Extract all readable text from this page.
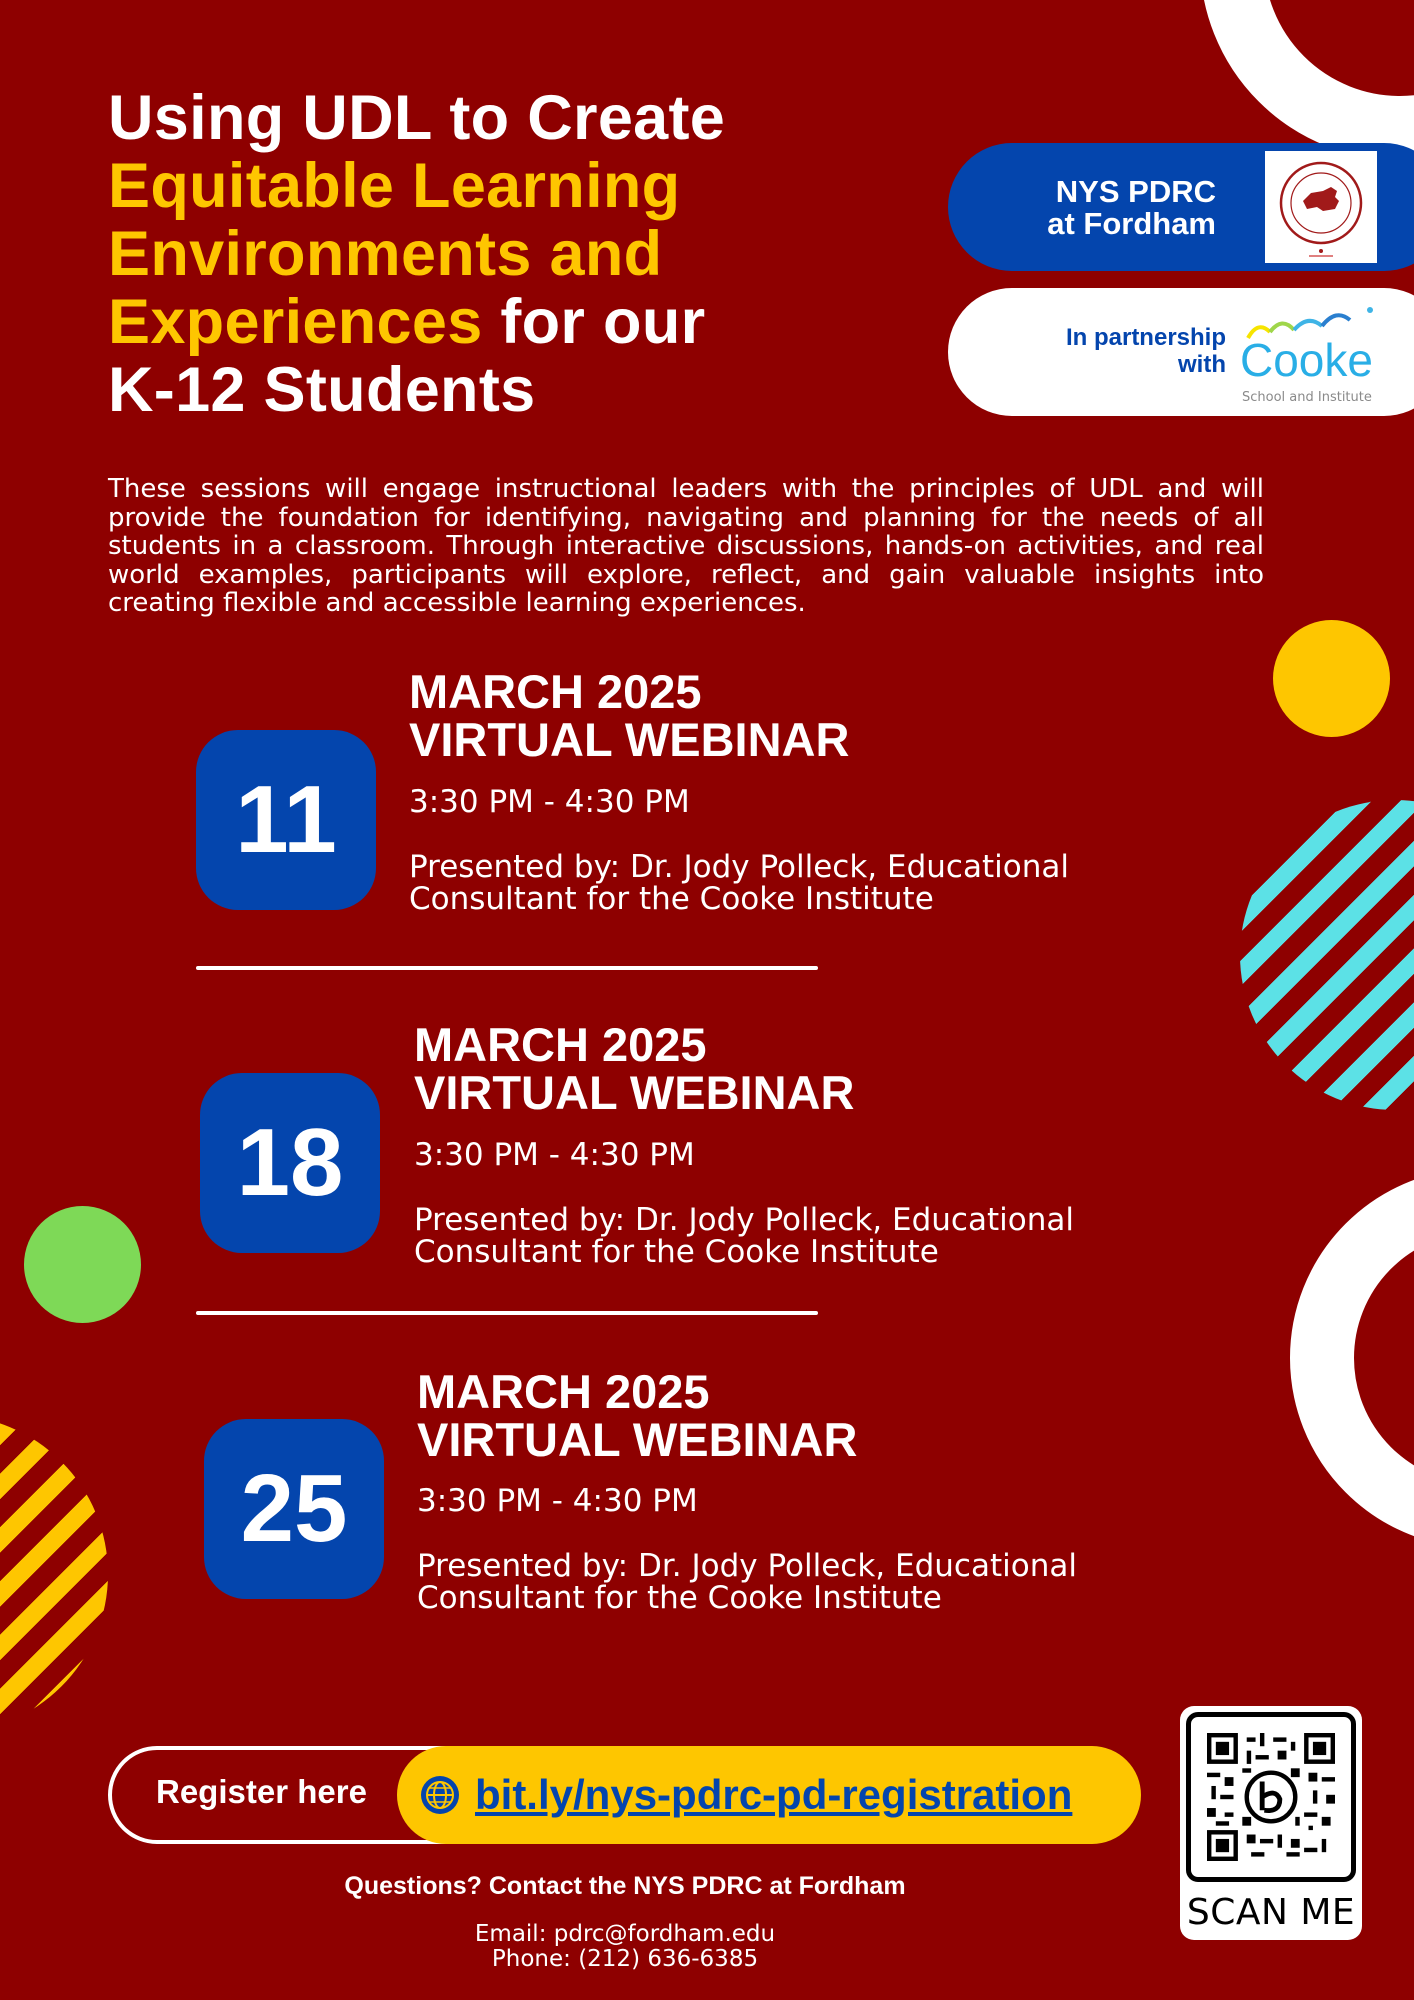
Using UDL to Create
Equitable Learning
Environments and
Experiences for our
K-12 Students
NYS PDRC
at Fordham
In partnership
with Cooke
School and Institute
These sessions will engage instructional leaders with the principles of UDL and will provide the foundation for identifying, navigating and planning for the needs of all students in a classroom. Through interactive discussions, hands-on activities, and real world examples, participants will explore, reflect, and gain valuable insights into creating flexible and accessible learning experiences.
11
MARCH 2025
VIRTUAL WEBINAR
3:30 PM - 4:30 PM
Presented by: Dr. Jody Polleck, Educational Consultant for the Cooke Institute
18
MARCH 2025
VIRTUAL WEBINAR
3:30 PM - 4:30 PM
Presented by: Dr. Jody Polleck, Educational Consultant for the Cooke Institute
25
MARCH 2025
VIRTUAL WEBINAR
3:30 PM - 4:30 PM
Presented by: Dr. Jody Polleck, Educational Consultant for the Cooke Institute
Register here	bit.ly/nys-pdrc-pd-registration
SCAN ME
Questions? Contact the NYS PDRC at Fordham
Email: pdrc@fordham.edu
Phone: (212) 636-6385
